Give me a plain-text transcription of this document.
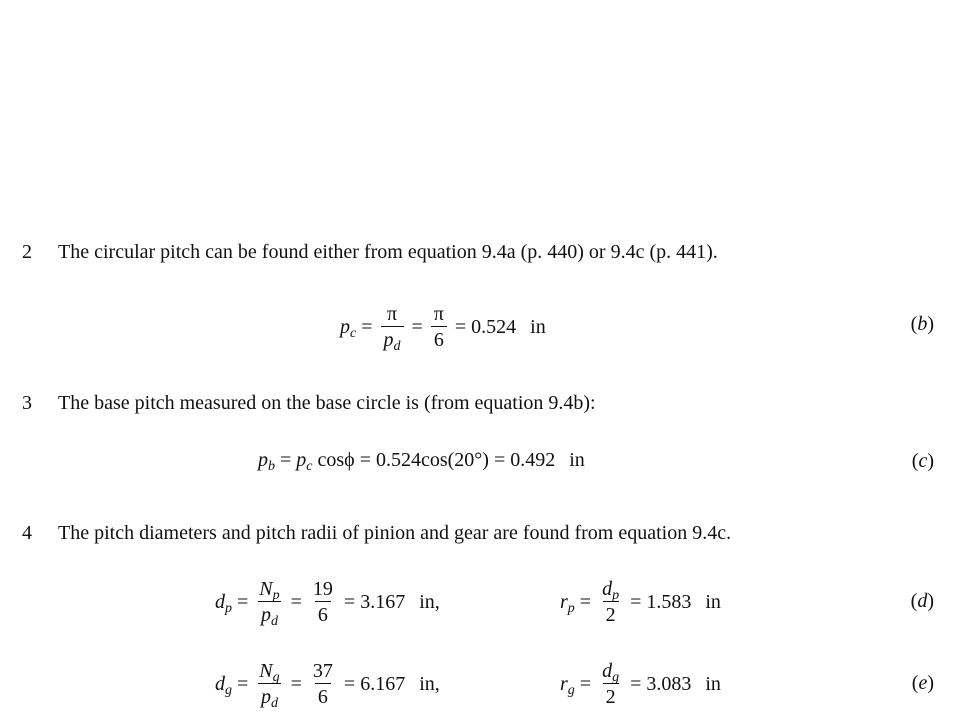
2 The circular pitch can be found either from equation 9.4a (p. 440) or 9.4c (p. 441).
$p_c = \frac{\pi}{p_d} = \frac{\pi}{6} = 0.524$ in	(b)
3 The base pitch measured on the base circle is (from equation 9.4b):
$p_b = p_c$ cos ϕ = 0.524 cos(20°) = 0.492 in	(c)
4 The pitch diameters and pitch radii of pinion and gear are found from equation 9.4c.
$d_p = \frac{N_p}{p_d} = \frac{19}{6} = 3.167$ in,	$r_p = \frac{d_p}{2} = 1.583$ in	(d)
$d_g = \frac{N_g}{p_d} = \frac{37}{6} = 6.167$ in,	$r_g = \frac{d_g}{2} = 3.083$ in	(e)
